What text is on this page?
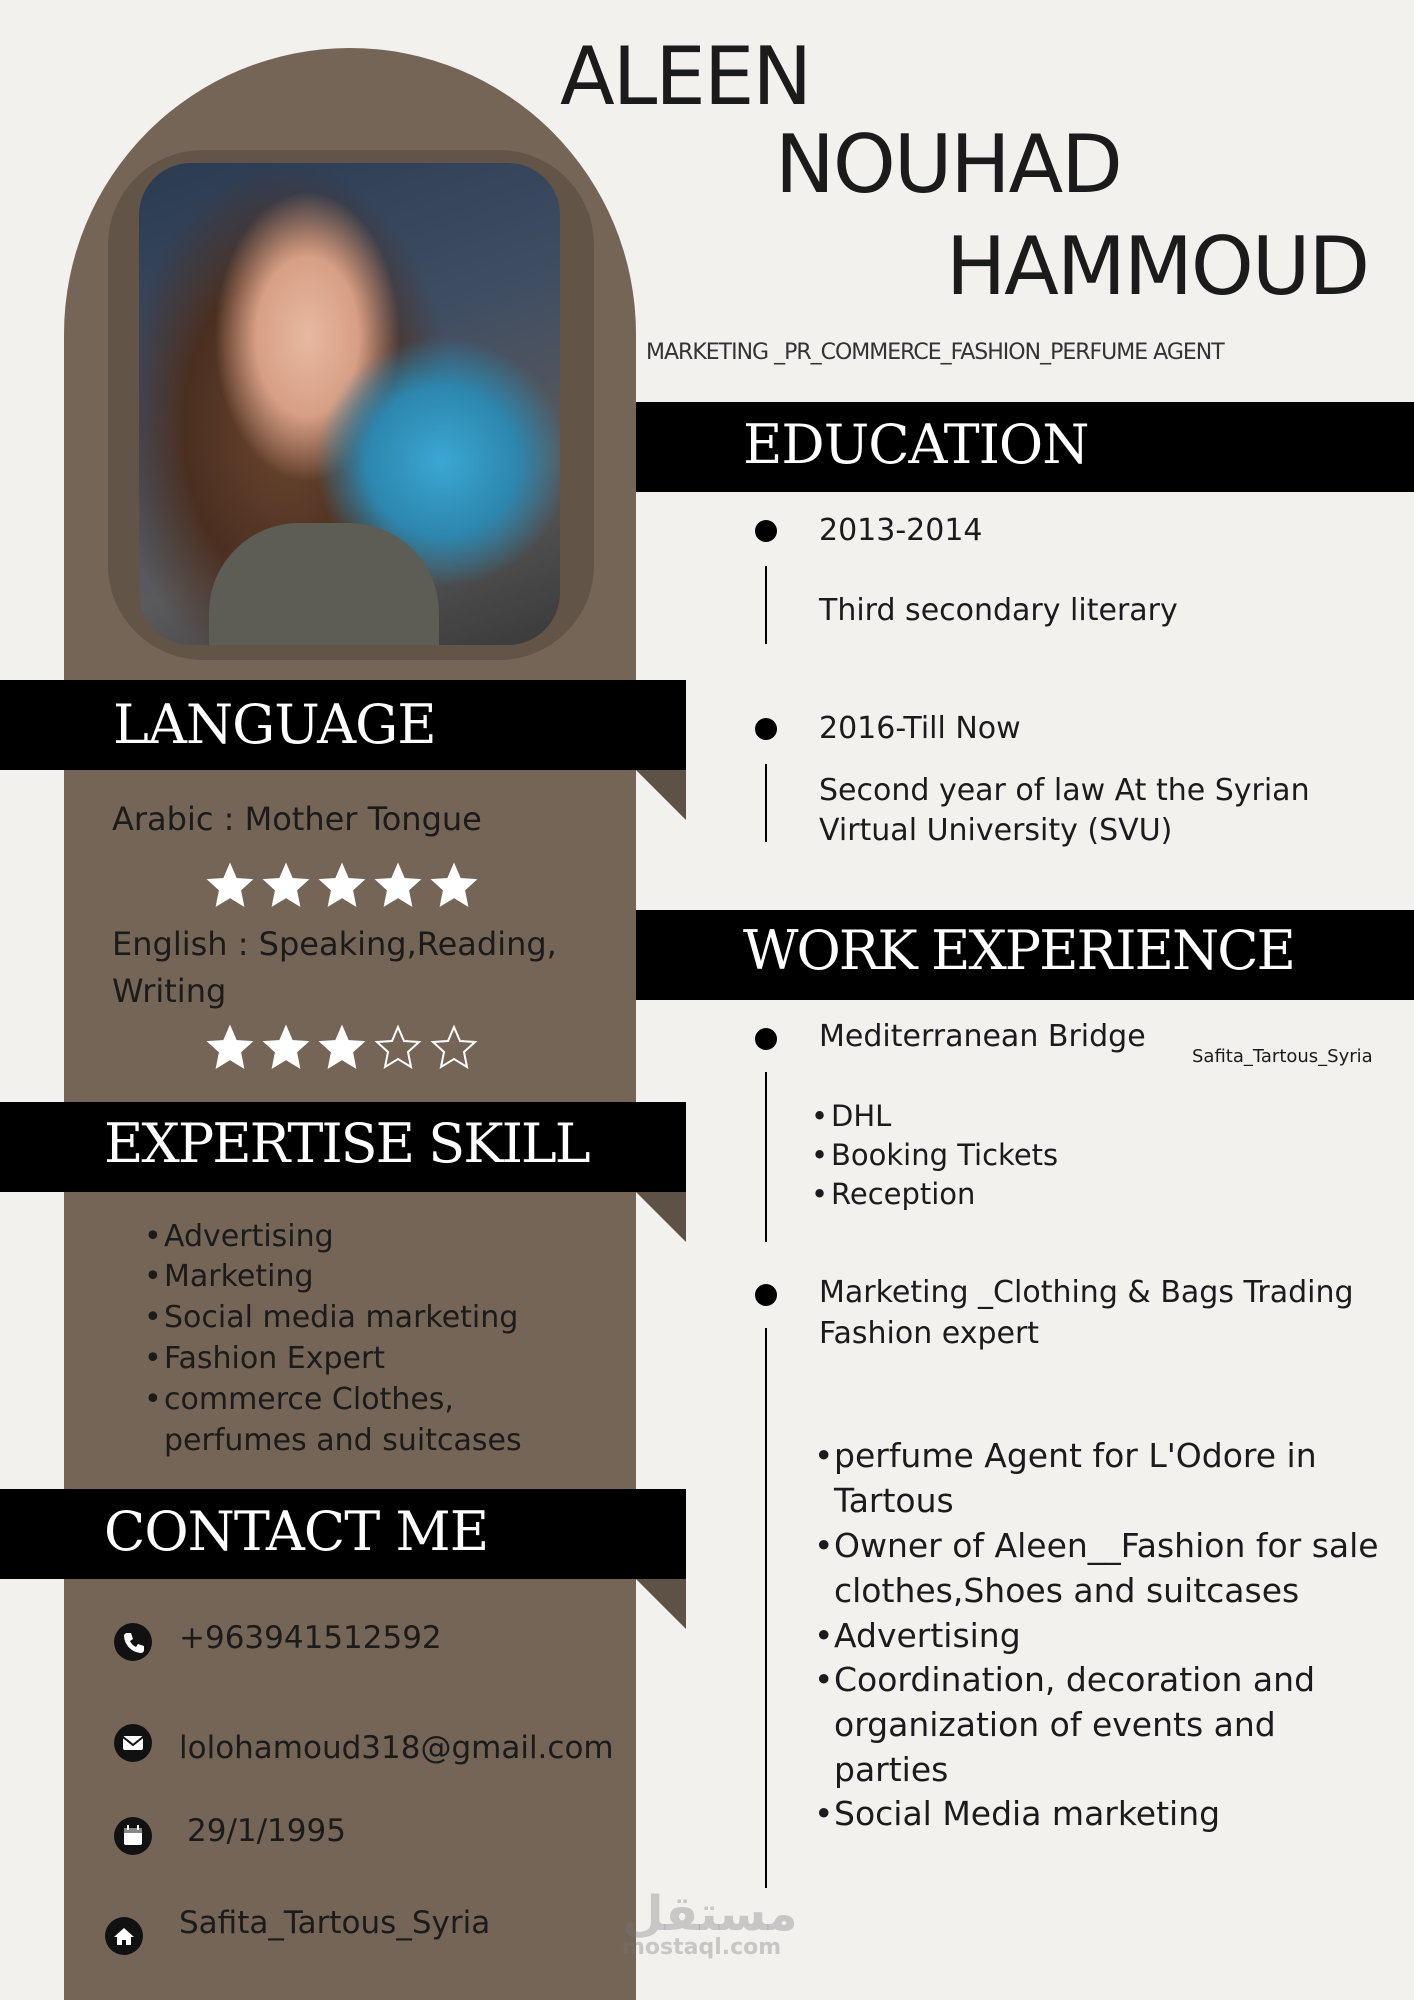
ALEEN
NOUHAD
HAMMOUD
MARKETING _PR_COMMERCE_FASHION_PERFUME AGENT
EDUCATION
2013-2014
Third secondary literary
2016-Till Now
Second year of law At the Syrian
Virtual University (SVU)
WORK EXPERIENCE
Mediterranean Bridge
Safita_Tartous_Syria
• DHL
• Booking Tickets
• Reception
Marketing _Clothing & Bags Trading
Fashion expert
• perfume Agent for L'Odore in
Tartous
• Owner of Aleen__Fashion for sale
clothes,Shoes and suitcases
• Advertising
• Coordination, decoration and
organization of events and
parties
• Social Media marketing
LANGUAGE
Arabic : Mother Tongue
English : Speaking,Reading,
Writing
EXPERTISE SKILL
• Advertising
• Marketing
• Social media marketing
• Fashion Expert
• commerce Clothes,
perfumes and suitcases
CONTACT ME
+963941512592
lolohamoud318@gmail.com
29/1/1995
Safita_Tartous_Syria	مستقل
mostaql.com
